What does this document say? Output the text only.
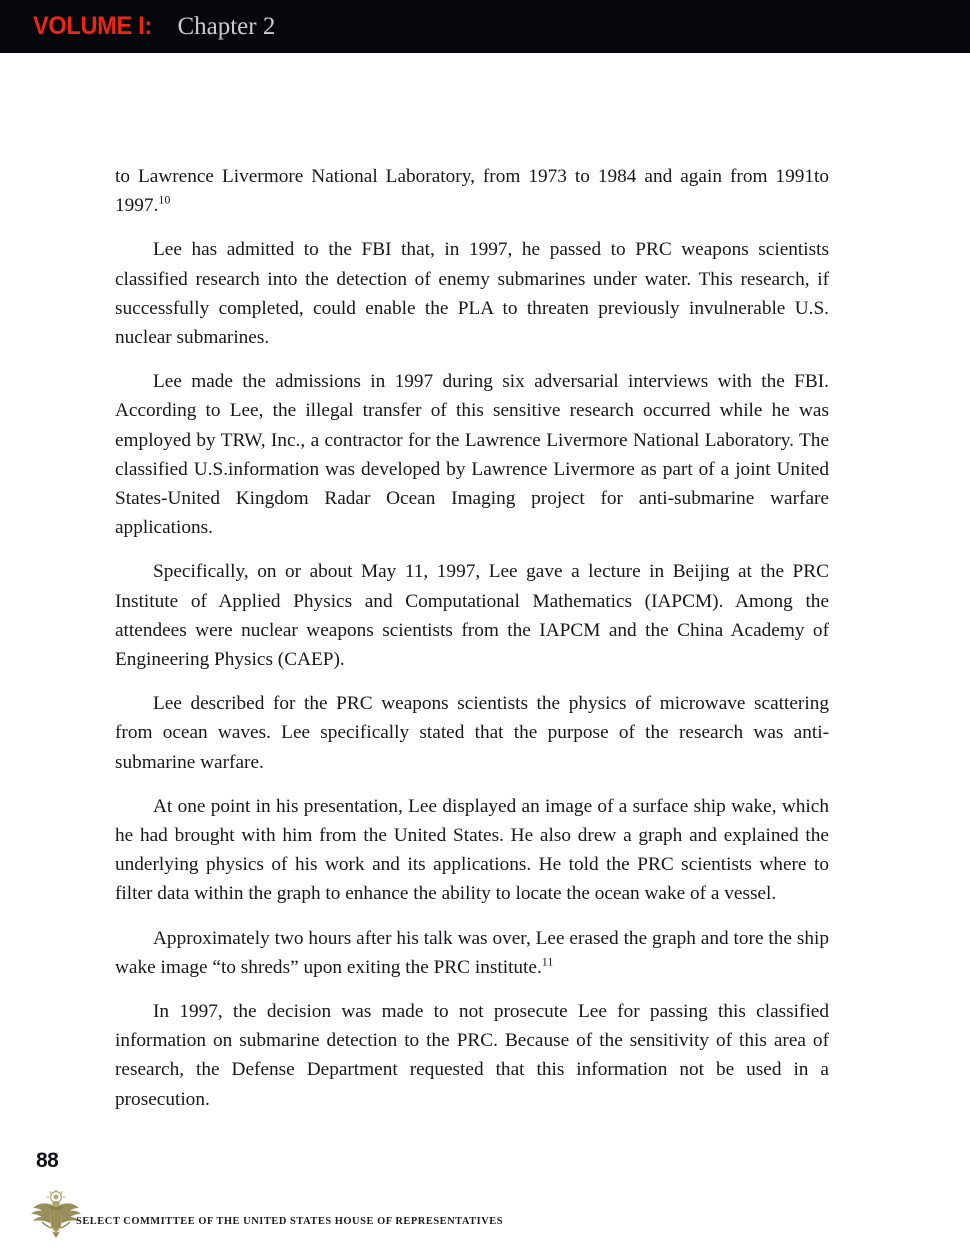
VOLUME I: Chapter 2

to Lawrence Livermore National Laboratory, from 1973 to 1984 and again from 1991to 1997.10

Lee has admitted to the FBI that, in 1997, he passed to PRC weapons scientists classified research into the detection of enemy submarines under water. This research, if successfully completed, could enable the PLA to threaten previously invulnerable U.S. nuclear submarines.

Lee made the admissions in 1997 during six adversarial interviews with the FBI. According to Lee, the illegal transfer of this sensitive research occurred while he was employed by TRW, Inc., a contractor for the Lawrence Livermore National Laboratory. The classified U.S.information was developed by Lawrence Livermore as part of a joint United States-United Kingdom Radar Ocean Imaging project for anti-submarine warfare applications.

Specifically, on or about May 11, 1997, Lee gave a lecture in Beijing at the PRC Institute of Applied Physics and Computational Mathematics (IAPCM). Among the attendees were nuclear weapons scientists from the IAPCM and the China Academy of Engineering Physics (CAEP).

Lee described for the PRC weapons scientists the physics of microwave scattering from ocean waves. Lee specifically stated that the purpose of the research was anti-submarine warfare.

At one point in his presentation, Lee displayed an image of a surface ship wake, which he had brought with him from the United States. He also drew a graph and explained the underlying physics of his work and its applications. He told the PRC scientists where to filter data within the graph to enhance the ability to locate the ocean wake of a vessel.

Approximately two hours after his talk was over, Lee erased the graph and tore the ship wake image “to shreds” upon exiting the PRC institute.$^{11}$

In 1997, the decision was made to not prosecute Lee for passing this classified information on submarine detection to the PRC. Because of the sensitivity of this area of research, the Defense Department requested that this information not be used in a prosecution.

88
SELECT COMMITTEE OF THE UNITED STATES HOUSE OF REPRESENTATIVES
